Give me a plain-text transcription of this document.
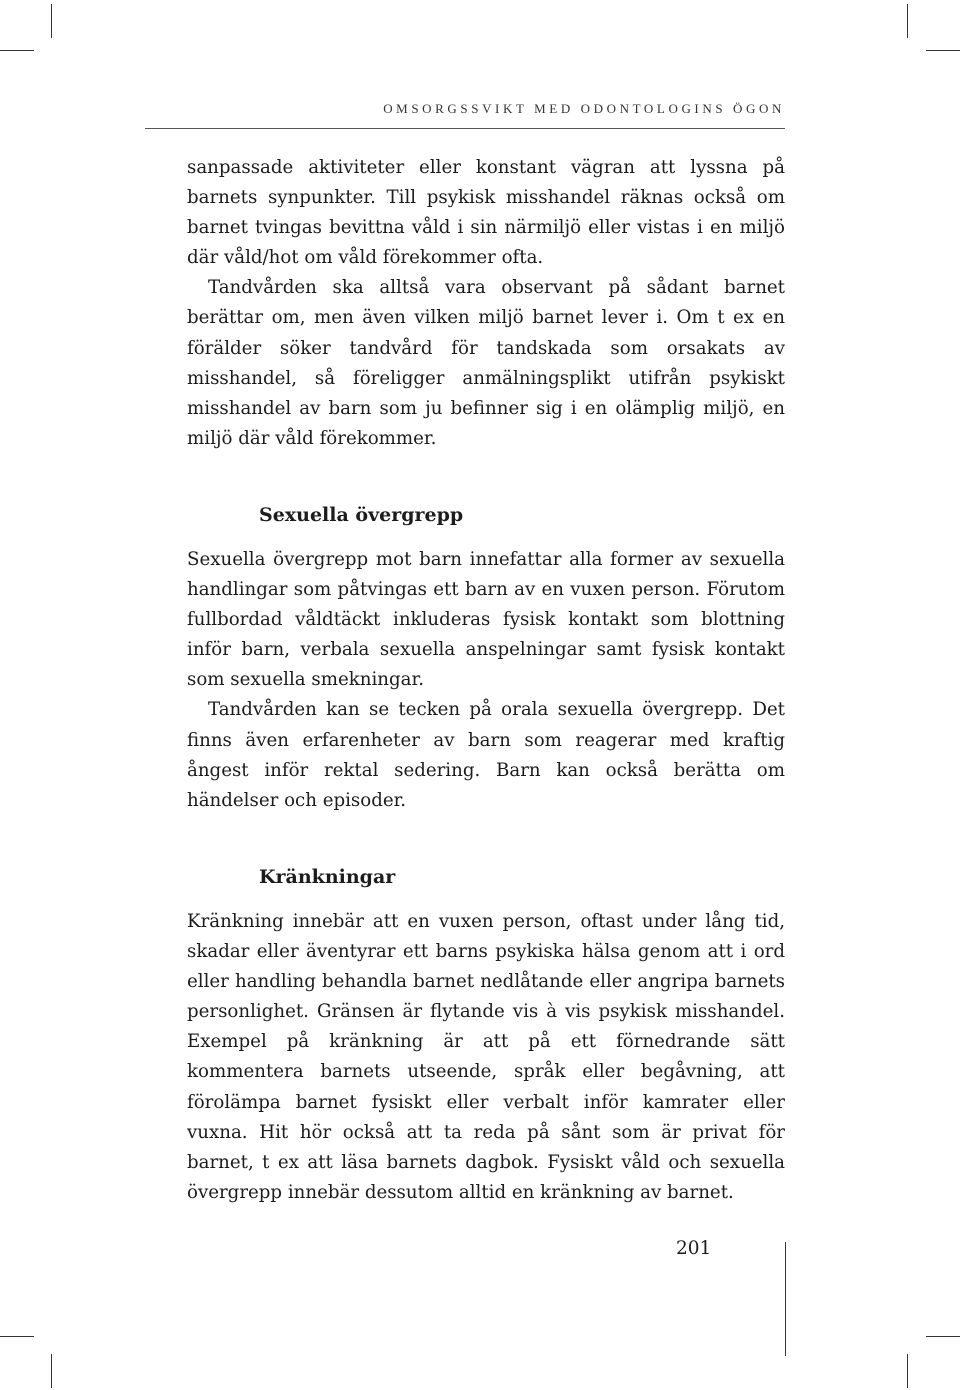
OMSORGSSVIKT MED ODONTOLOGINS ÖGON

sanpassade aktiviteter eller konstant vägran att lyssna på barnets synpunkter. Till psykisk misshandel räknas också om barnet tvingas bevittna våld i sin närmiljö eller vistas i en miljö där våld/hot om våld förekommer ofta.

Tandvården ska alltså vara observant på sådant barnet berättar om, men även vilken miljö barnet lever i. Om t ex en förälder söker tandvård för tandskada som orsakats av misshandel, så föreligger anmälningsplikt utifrån psykiskt misshandel av barn som ju befinner sig i en olämplig miljö, en miljö där våld förekommer.

Sexuella övergrepp

Sexuella övergrepp mot barn innefattar alla former av sexuella handlingar som påtvingas ett barn av en vuxen person. Förutom fullbordad våldtäckt inkluderas fysisk kontakt som blottning inför barn, verbala sexuella anspelningar samt fysisk kontakt som sexuella smekningar.

Tandvården kan se tecken på orala sexuella övergrepp. Det finns även erfarenheter av barn som reagerar med kraftig ångest inför rektal sedering. Barn kan också berätta om händelser och episoder.

Kränkningar

Kränkning innebär att en vuxen person, oftast under lång tid, skadar eller äventyrar ett barns psykiska hälsa genom att i ord eller handling behandla barnet nedlåtande eller angripa barnets personlighet. Gränsen är flytande vis à vis psykisk misshandel. Exempel på kränkning är att på ett förnedrande sätt kommentera barnets utseende, språk eller begåvning, att förolämpa barnet fysiskt eller verbalt inför kamrater eller vuxna. Hit hör också att ta reda på sånt som är privat för barnet, t ex att läsa barnets dagbok. Fysiskt våld och sexuella övergrepp innebär dessutom alltid en kränkning av barnet.

201
